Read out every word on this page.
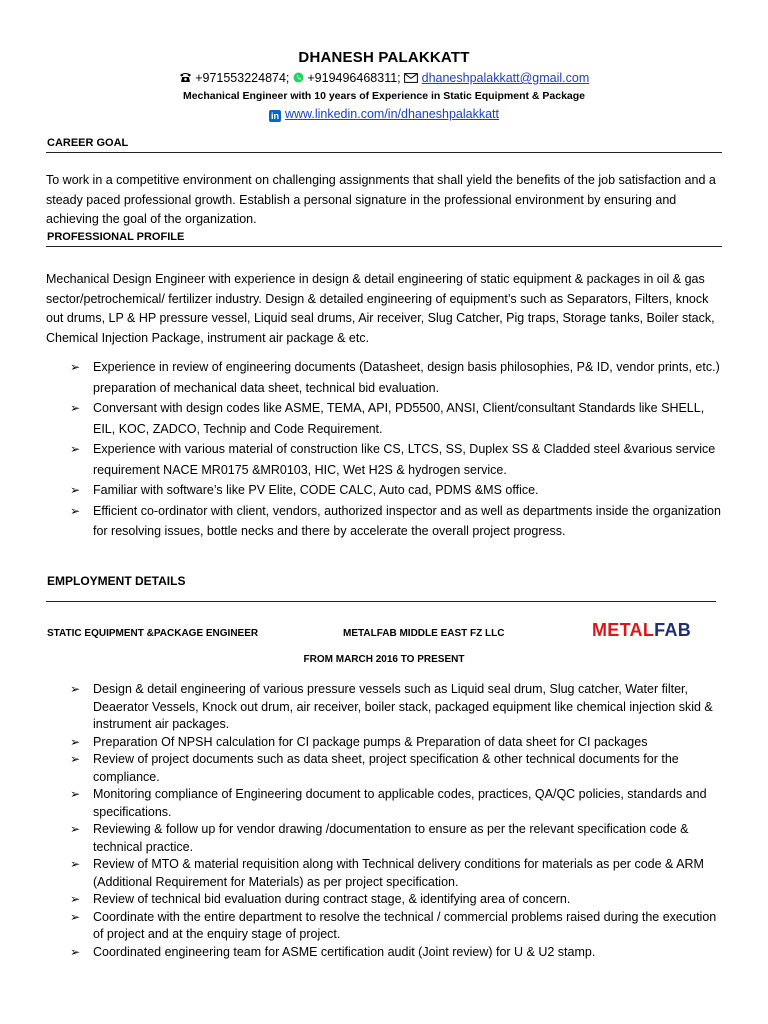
DHANESH PALAKKATT
+971553224874; +919496468311; dhaneshpalakkatt@gmail.com
Mechanical Engineer with 10 years of Experience in Static Equipment & Package
in www.linkedin.com/in/dhaneshpalakkatt
CAREER GOAL
To work in a competitive environment on challenging assignments that shall yield the benefits of the job satisfaction and a steady paced professional growth. Establish a personal signature in the professional environment by ensuring and achieving the goal of the organization.
PROFESSIONAL PROFILE
Mechanical Design Engineer with experience in design & detail engineering of static equipment & packages in oil & gas sector/petrochemical/ fertilizer industry. Design & detailed engineering of equipment’s such as Separators, Filters, knock out drums, LP & HP pressure vessel, Liquid seal drums, Air receiver, Slug Catcher, Pig traps, Storage tanks, Boiler stack, Chemical Injection Package, instrument air package & etc.
➢ Experience in review of engineering documents (Datasheet, design basis philosophies, P& ID, vendor prints, etc.) preparation of mechanical data sheet, technical bid evaluation.
➢ Conversant with design codes like ASME, TEMA, API, PD5500, ANSI, Client/consultant Standards like SHELL, EIL, KOC, ZADCO, Technip and Code Requirement.
➢ Experience with various material of construction like CS, LTCS, SS, Duplex SS & Cladded steel &various service requirement NACE MR0175 &MR0103, HIC, Wet H2S & hydrogen service.
➢ Familiar with software’s like PV Elite, CODE CALC, Auto cad, PDMS &MS office.
➢ Efficient co-ordinator with client, vendors, authorized inspector and as well as departments inside the organization for resolving issues, bottle necks and there by accelerate the overall project progress.
EMPLOYMENT DETAILS
STATIC EQUIPMENT &PACKAGE ENGINEER	METALFAB MIDDLE EAST FZ LLC	METALFAB
FROM MARCH 2016 TO PRESENT
➢ Design & detail engineering of various pressure vessels such as Liquid seal drum, Slug catcher, Water filter, Deaerator Vessels, Knock out drum, air receiver, boiler stack, packaged equipment like chemical injection skid & instrument air packages.
➢ Preparation Of NPSH calculation for CI package pumps & Preparation of data sheet for CI packages
➢ Review of project documents such as data sheet, project specification & other technical documents for the compliance.
➢ Monitoring compliance of Engineering document to applicable codes, practices, QA/QC policies, standards and specifications.
➢ Reviewing & follow up for vendor drawing /documentation to ensure as per the relevant specification code & technical practice.
➢ Review of MTO & material requisition along with Technical delivery conditions for materials as per code & ARM (Additional Requirement for Materials) as per project specification.
➢ Review of technical bid evaluation during contract stage, & identifying area of concern.
➢ Coordinate with the entire department to resolve the technical / commercial problems raised during the execution of project and at the enquiry stage of project.
➢ Coordinated engineering team for ASME certification audit (Joint review) for U & U2 stamp.
